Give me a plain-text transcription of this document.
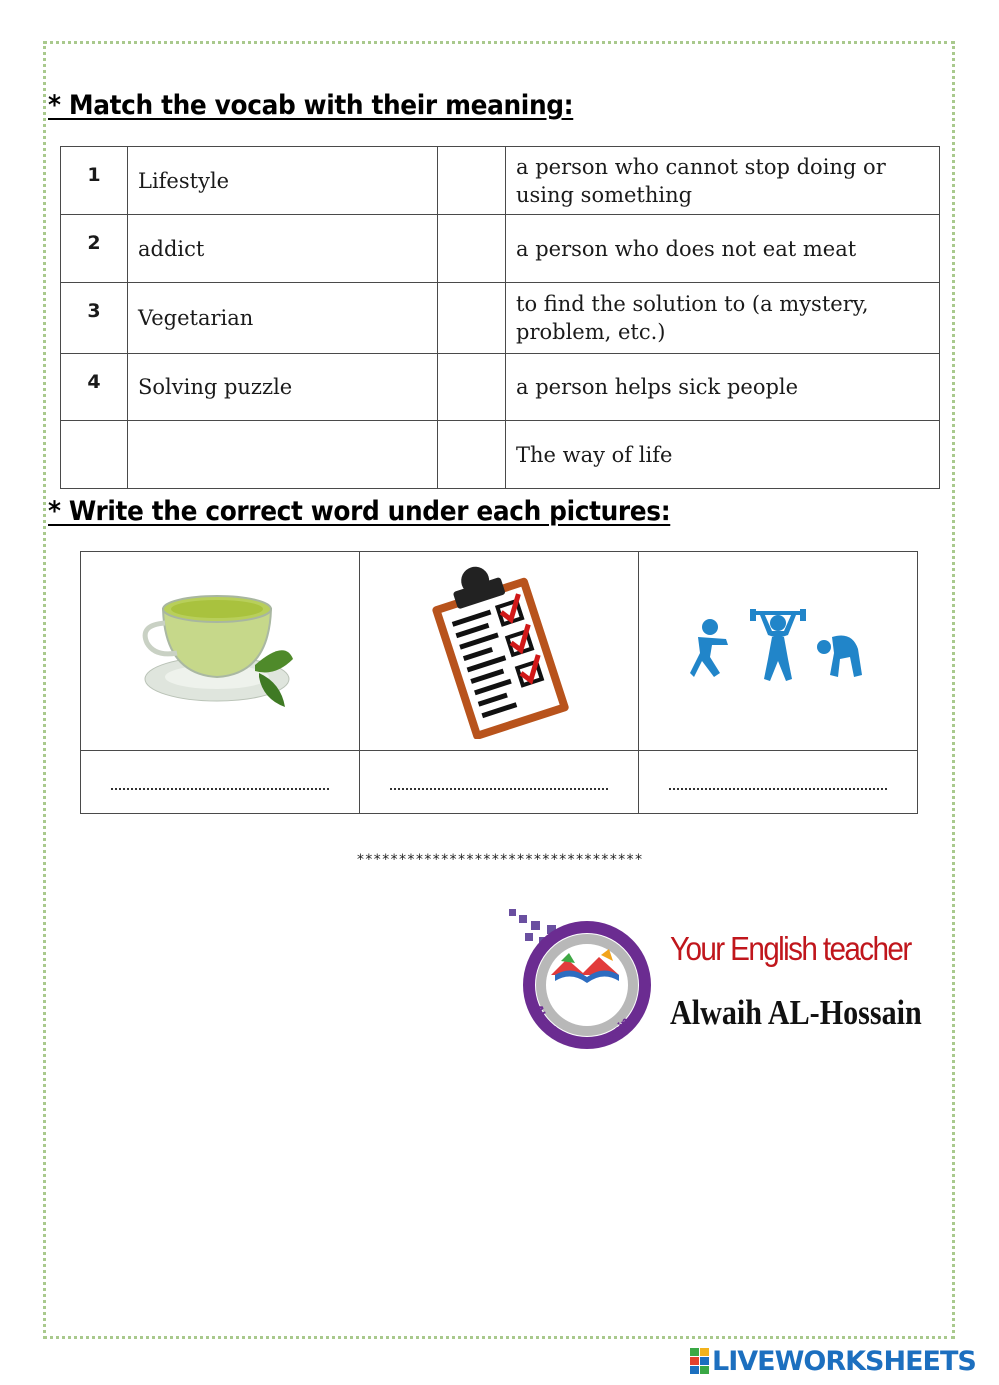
* Match the vocab with their meaning:
1	Lifestyle		a person who cannot stop doing or using something
2	addict		a person who does not eat meat
3	Vegetarian		to find the solution to (a mystery, problem, etc.)
4	Solving puzzle		a person helps sick people
			The way of life
* Write the correct word under each pictures:

**********************************
Alwaih J. Al-Hossain
Your English teacher
Alwaih AL-Hossain
LIVEWORKSHEETS
